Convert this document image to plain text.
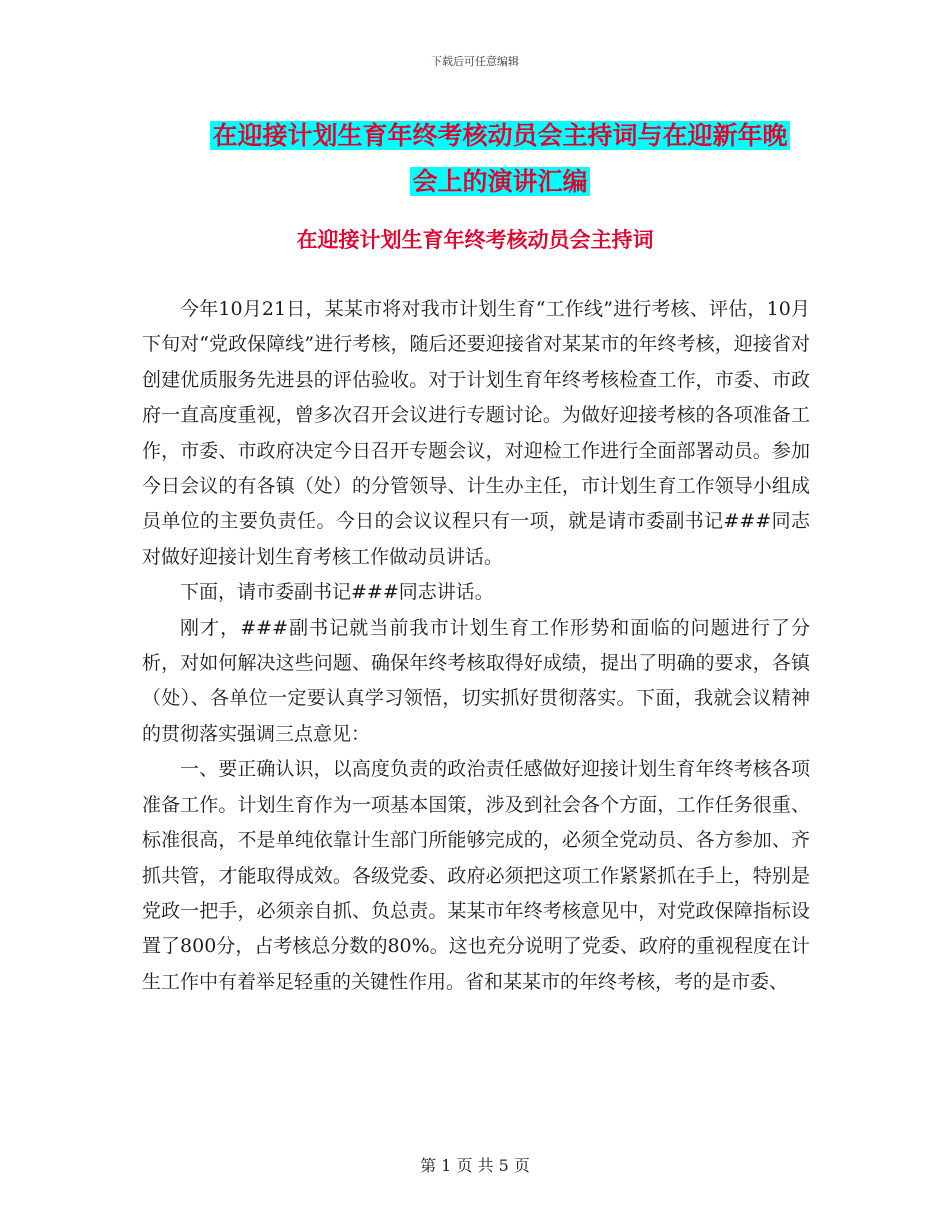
下载后可任意编辑
在迎接计划生育年终考核动员会主持词与在迎新年晚
会上的演讲汇编
在迎接计划生育年终考核动员会主持词

今年10月21日，某某市将对我市计划生育“工作线”进行考核、评估，10月下旬对“党政保障线”进行考核，随后还要迎接省对某某市的年终考核，迎接省对创建优质服务先进县的评估验收。对于计划生育年终考核检查工作，市委、市政府一直高度重视，曾多次召开会议进行专题讨论。为做好迎接考核的各项准备工作，市委、市政府决定今日召开专题会议，对迎检工作进行全面部署动员。参加今日会议的有各镇（处）的分管领导、计生办主任，市计划生育工作领导小组成员单位的主要负责任。今日的会议议程只有一项，就是请市委副书记###同志对做好迎接计划生育考核工作做动员讲话。

下面，请市委副书记###同志讲话。

刚才，###副书记就当前我市计划生育工作形势和面临的问题进行了分析，对如何解决这些问题、确保年终考核取得好成绩，提出了明确的要求，各镇（处）、各单位一定要认真学习领悟，切实抓好贯彻落实。下面，我就会议精神的贯彻落实强调三点意见：

一、要正确认识，以高度负责的政治责任感做好迎接计划生育年终考核各项准备工作。计划生育作为一项基本国策，涉及到社会各个方面，工作任务很重、标准很高，不是单纯依靠计生部门所能够完成的，必须全党动员、各方参加、齐抓共管，才能取得成效。各级党委、政府必须把这项工作紧紧抓在手上，特别是党政一把手，必须亲自抓、负总责。某某市年终考核意见中，对党政保障指标设置了800分，占考核总分数的80%。这也充分说明了党委、政府的重视程度在计生工作中有着举足轻重的关键性作用。省和某某市的年终考核，考的是市委、

第 1 页 共 5 页
